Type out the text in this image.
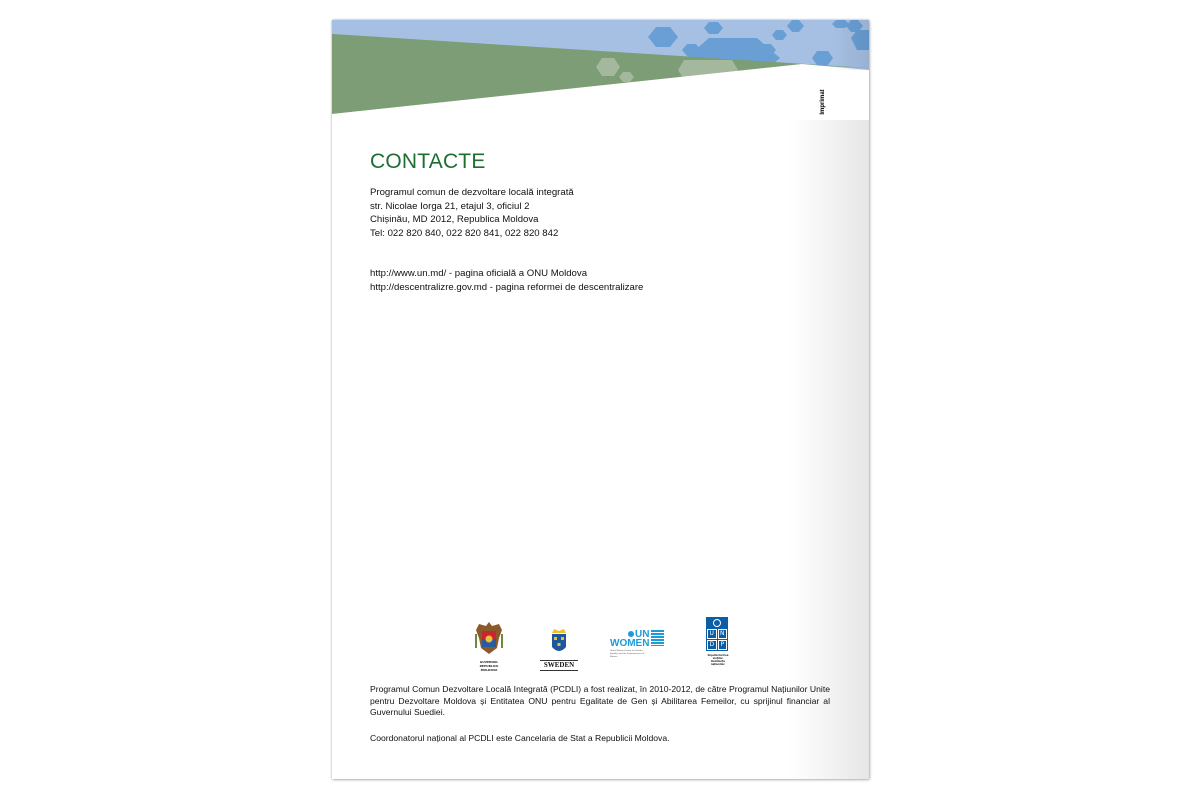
Imprimat
CONTACTE
Programul comun de dezvoltare locală integrată
str. Nicolae Iorga 21, etajul 3, oficiul 2
Chișinău, MD 2012, Republica Moldova
Tel: 022 820 840, 022 820 841, 022 820 842
http://www.un.md/ - pagina oficială a ONU Moldova
http://descentralizre.gov.md - pagina reformei de descentralizare
GUVERNUL
REPUBLICII MOLDOVA
SWEDEN
UN
WOMEN
United Nations Entity for Gender Equality and the Empowerment of Women
U	N
D	P
Împuternicirea vieţilor. Rezilienţa naţiunilor.
Programul Comun Dezvoltare Locală Integrată (PCDLI) a fost realizat, în 2010-2012, de către Programul Națiunilor Unite pentru Dezvoltare Moldova și Entitatea ONU pentru Egalitate de Gen și Abilitarea Femeilor, cu sprijinul financiar al Guvernului Suediei.
Coordonatorul național al PCDLI este Cancelaria de Stat a Republicii Moldova.
